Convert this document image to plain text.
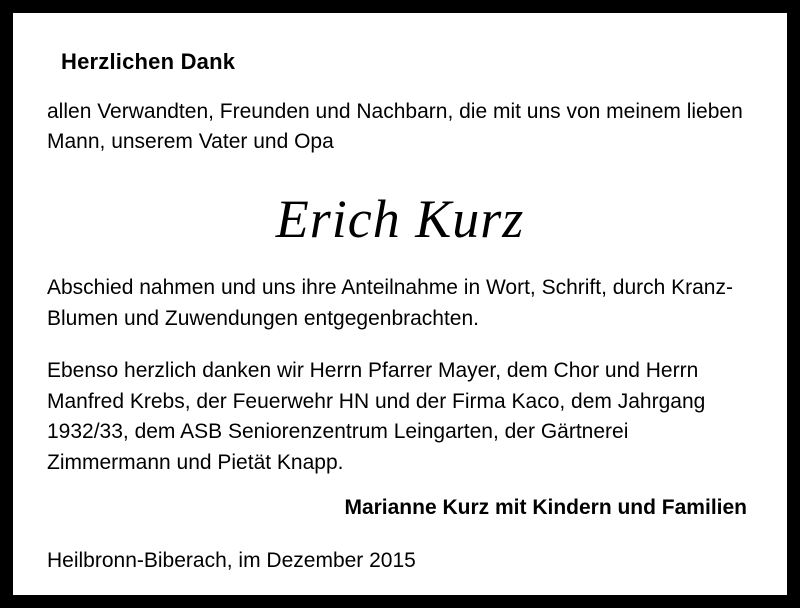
Herzlichen Dank

allen Verwandten, Freunden und Nachbarn, die mit uns von meinem lieben Mann, unserem Vater und Opa

Erich Kurz

Abschied nahmen und uns ihre Anteilnahme in Wort, Schrift, durch Kranz-Blumen und Zuwendungen entgegenbrachten.

Ebenso herzlich danken wir Herrn Pfarrer Mayer, dem Chor und Herrn Manfred Krebs, der Feuerwehr HN und der Firma Kaco, dem Jahrgang 1932/33, dem ASB Seniorenzentrum Leingarten, der Gärtnerei Zimmermann und Pietät Knapp.

Marianne Kurz mit Kindern und Familien

Heilbronn-Biberach, im Dezember 2015
